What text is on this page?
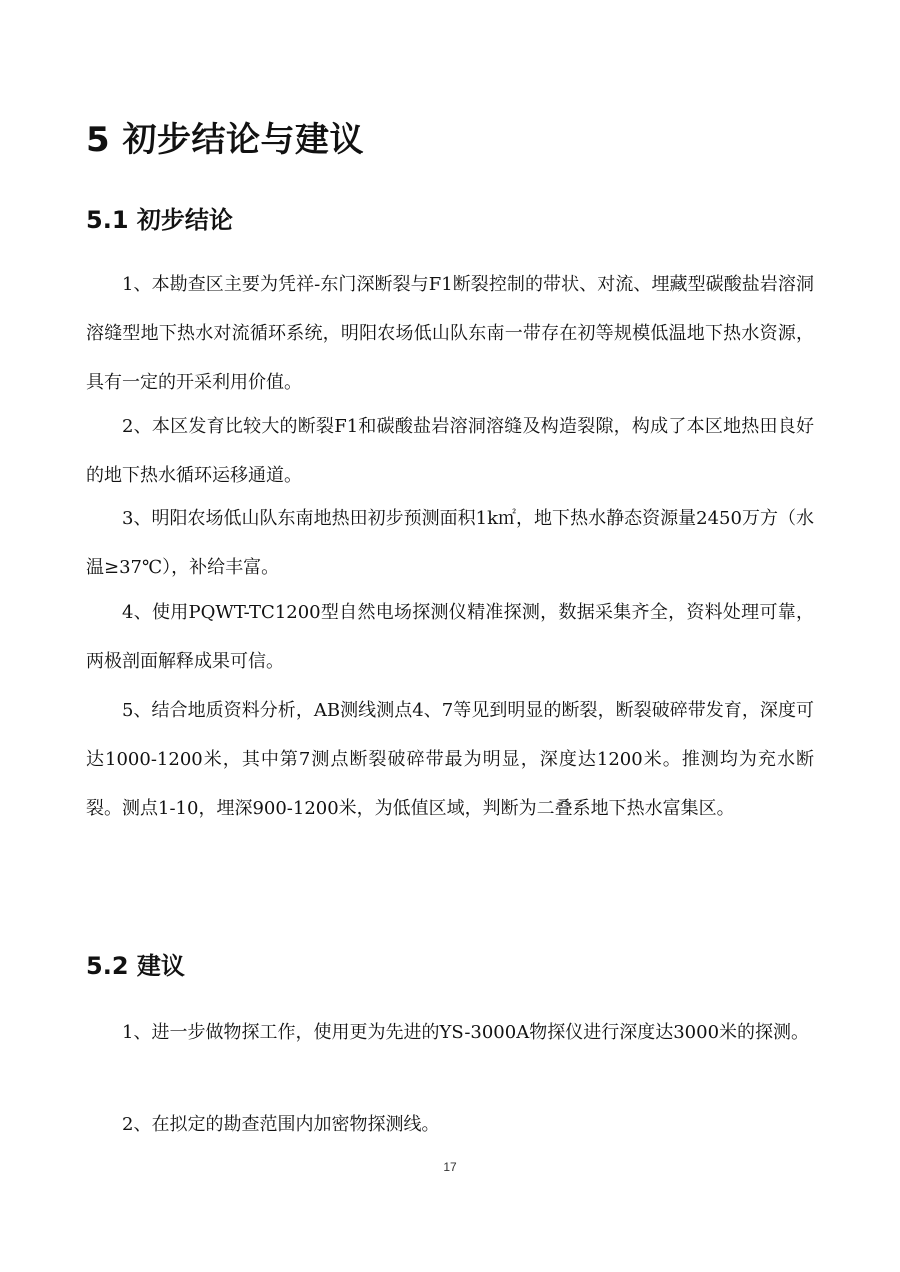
5 初步结论与建议
5.1 初步结论

1、本勘查区主要为凭祥-东门深断裂与F1断裂控制的带状、对流、埋藏型碳酸盐岩溶洞溶缝型地下热水对流循环系统，明阳农场低山队东南一带存在初等规模低温地下热水资源，具有一定的开采利用价值。

2、本区发育比较大的断裂F1和碳酸盐岩溶洞溶缝及构造裂隙，构成了本区地热田良好的地下热水循环运移通道。

3、明阳农场低山队东南地热田初步预测面积1k㎡，地下热水静态资源量2450万方（水温≥37℃），补给丰富。

4、使用PQWT-TC1200型自然电场探测仪精准探测，数据采集齐全，资料处理可靠，两极剖面解释成果可信。

5、结合地质资料分析，AB测线测点4、7等见到明显的断裂，断裂破碎带发育，深度可达1000-1200米，其中第7测点断裂破碎带最为明显，深度达1200米。推测均为充水断裂。测点1-10，埋深900-1200米，为低值区域，判断为二叠系地下热水富集区。

5.2 建议

1、进一步做物探工作，使用更为先进的YS-3000A物探仪进行深度达3000米的探测。

2、在拟定的勘查范围内加密物探测线。

17
